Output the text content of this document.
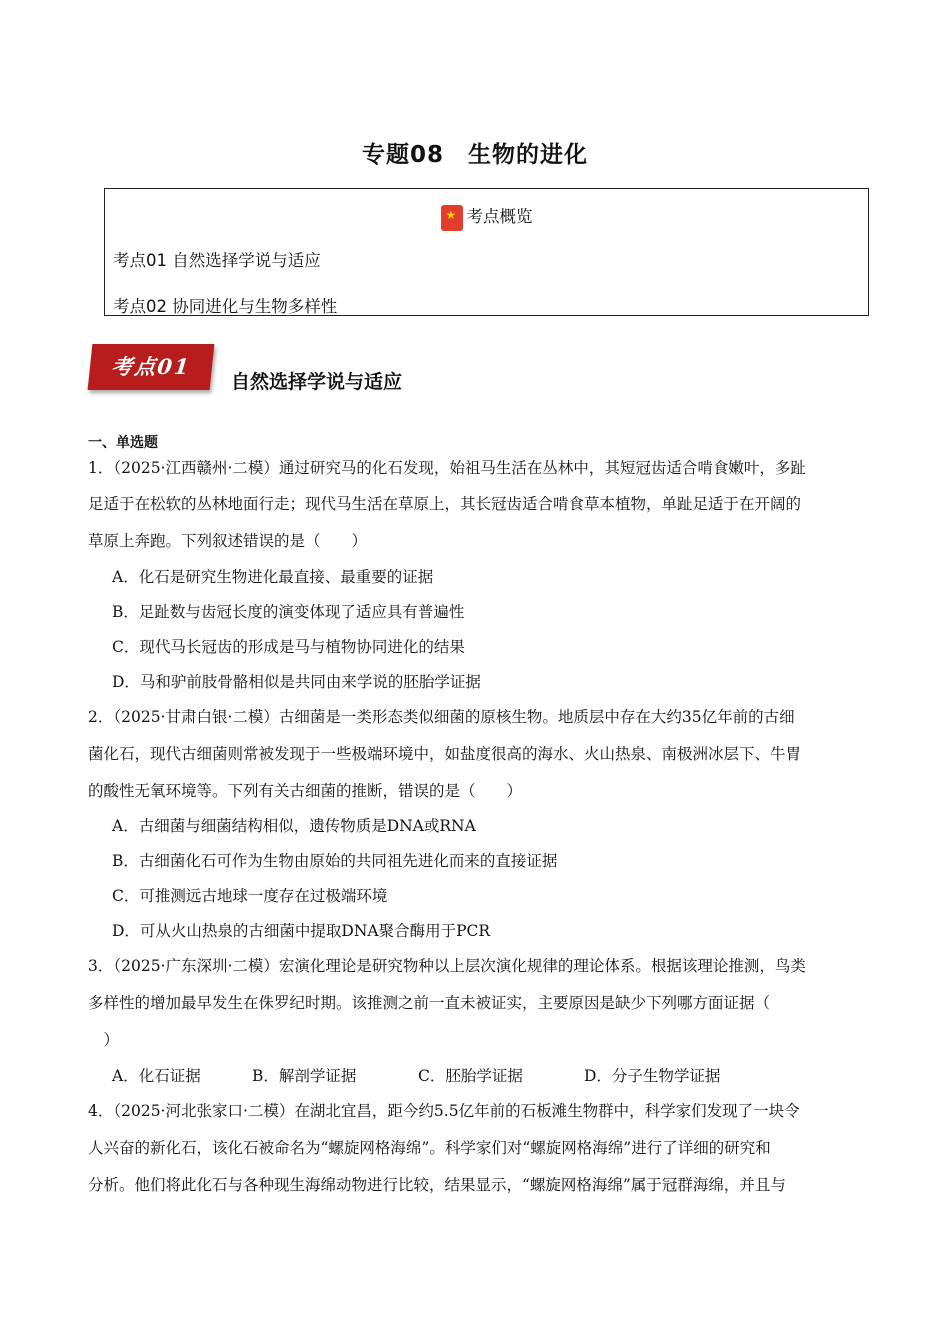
专题08　生物的进化
★考点概览
考点01 自然选择学说与适应
考点02 协同进化与生物多样性
考点01
自然选择学说与适应
一、单选题
1．（2025·江西赣州·二模）通过研究马的化石发现，始祖马生活在丛林中，其短冠齿适合啃食嫩叶，多趾
足适于在松软的丛林地面行走；现代马生活在草原上，其长冠齿适合啃食草本植物，单趾足适于在开阔的
草原上奔跑。下列叙述错误的是（　　）
A．化石是研究生物进化最直接、最重要的证据
B．足趾数与齿冠长度的演变体现了适应具有普遍性
C．现代马长冠齿的形成是马与植物协同进化的结果
D．马和驴前肢骨骼相似是共同由来学说的胚胎学证据
2．（2025·甘肃白银·二模）古细菌是一类形态类似细菌的原核生物。地质层中存在大约35亿年前的古细
菌化石，现代古细菌则常被发现于一些极端环境中，如盐度很高的海水、火山热泉、南极洲冰层下、牛胃
的酸性无氧环境等。下列有关古细菌的推断，错误的是（　　）
A．古细菌与细菌结构相似，遗传物质是DNA或RNA
B．古细菌化石可作为生物由原始的共同祖先进化而来的直接证据
C．可推测远古地球一度存在过极端环境
D．可从火山热泉的古细菌中提取DNA聚合酶用于PCR
3．（2025·广东深圳·二模）宏演化理论是研究物种以上层次演化规律的理论体系。根据该理论推测，鸟类
多样性的增加最早发生在侏罗纪时期。该推测之前一直未被证实，主要原因是缺少下列哪方面证据（
　）
A．化石证据	B．解剖学证据	C．胚胎学证据	D．分子生物学证据
4．（2025·河北张家口·二模）在湖北宜昌，距今约5.5亿年前的石板滩生物群中，科学家们发现了一块令
人兴奋的新化石，该化石被命名为“螺旋网格海绵”。科学家们对“螺旋网格海绵”进行了详细的研究和
分析。他们将此化石与各种现生海绵动物进行比较，结果显示，“螺旋网格海绵”属于冠群海绵，并且与
